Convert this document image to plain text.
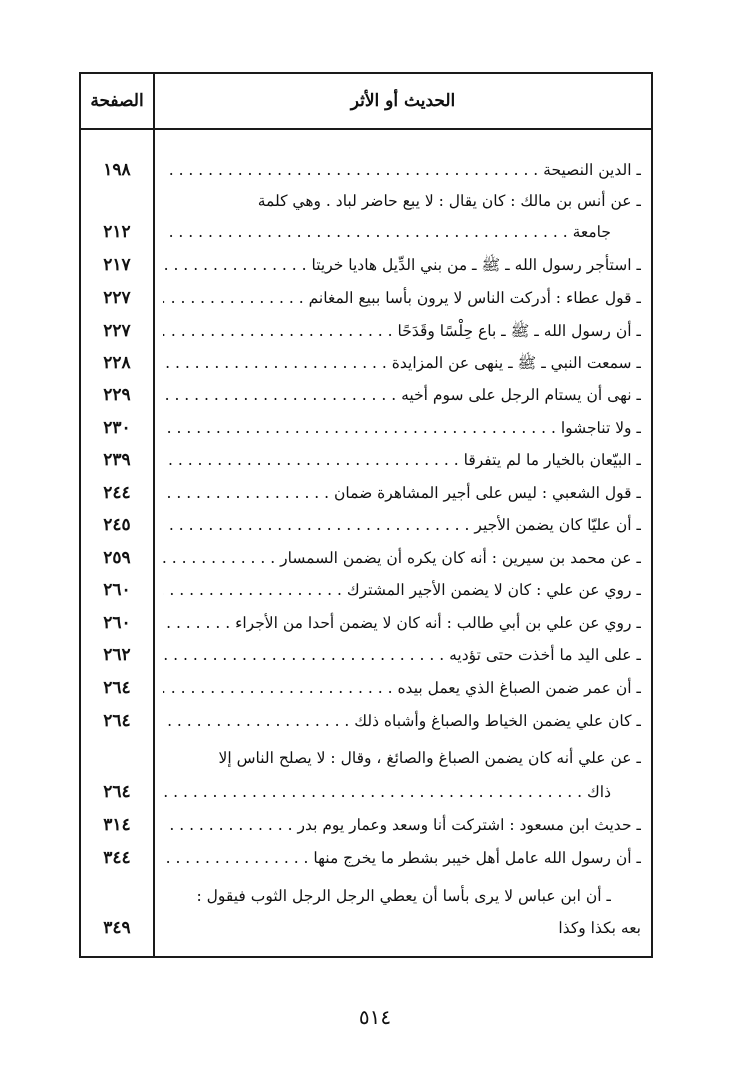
الصفحة	الحديث أو الأثر
ـ الدين النصيحة . . .
١٩٨
ـ عن أنس بن مالك : كان يقال : لا يبع حاضر لباد . وهي كلمة
جامعة . . .
٢١٢
ـ استأجر رسول الله ـ ﷺ ـ من بني الدِّيل هاديا خريتا . . .
٢١٧
ـ قول عطاء : أدركت الناس لا يرون بأسا ببيع المغانم . . .
٢٢٧
ـ أن رسول الله ـ ﷺ ـ باع حِلْسًا وقَدَحًا . . .
٢٢٧
ـ سمعت النبي ـ ﷺ ـ ينهى عن المزايدة . . .
٢٢٨
ـ نهى أن يستام الرجل على سوم أخيه . . .
٢٢٩
ـ ولا تناجشوا . . .
٢٣٠
ـ البيّعان بالخيار ما لم يتفرقا . . .
٢٣٩
ـ قول الشعبي : ليس على أجير المشاهرة ضمان . . .
٢٤٤
ـ أن عليّا كان يضمن الأجير . . .
٢٤٥
ـ عن محمد بن سيرين : أنه كان يكره أن يضمن السمسار . . .
٢٥٩
ـ روي عن علي : كان لا يضمن الأجير المشترك . . .
٢٦٠
ـ روي عن علي بن أبي طالب : أنه كان لا يضمن أحدا من الأجراء . . .
٢٦٠
ـ على اليد ما أخذت حتى تؤديه . . .
٢٦٢
ـ أن عمر ضمن الصباغ الذي يعمل بيده . . .
٢٦٤
ـ كان علي يضمن الخياط والصباغ وأشباه ذلك . . .
٢٦٤
ـ عن علي أنه كان يضمن الصباغ والصائغ ، وقال : لا يصلح الناس إلا
ذاك . . .
٢٦٤
ـ حديث ابن مسعود : اشتركت أنا وسعد وعمار يوم بدر . . .
٣١٤
ـ أن رسول الله عامل أهل خيبر بشطر ما يخرج منها . . .
٣٤٤
ـ أن ابن عباس لا يرى بأسا أن يعطي الرجل الرجل الثوب فيقول :
بعه بكذا وكذا
٣٤٩
٥١٤
